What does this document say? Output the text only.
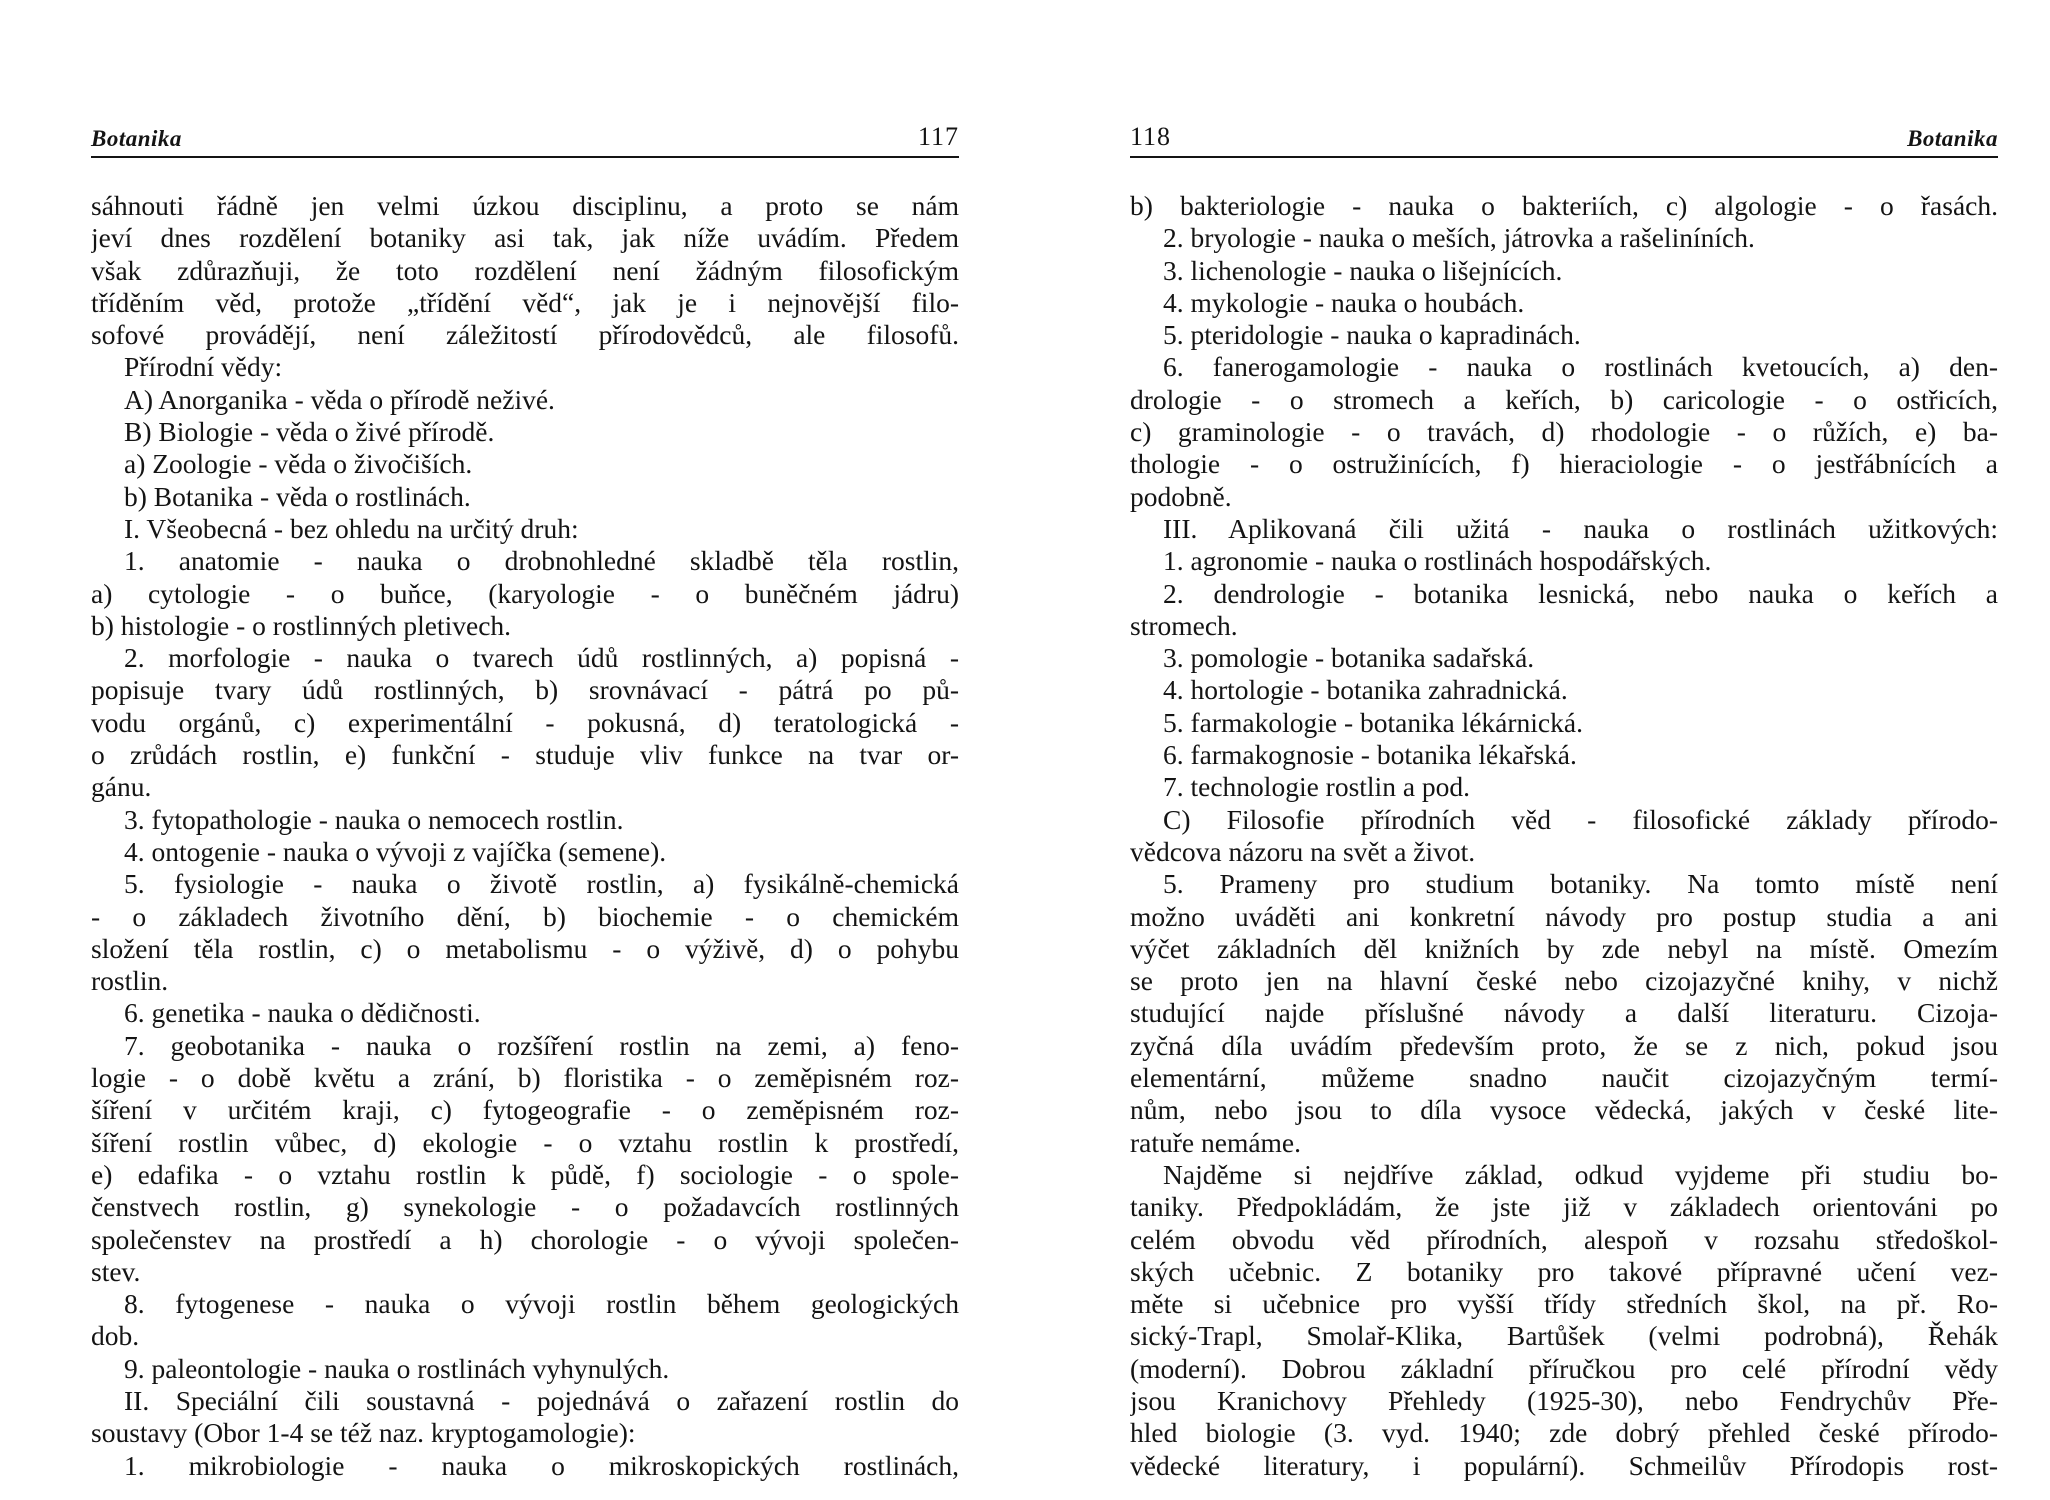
Botanika	117
sáhnouti řádně jen velmi úzkou disciplinu, a proto se nám
jeví dnes rozdělení botaniky asi tak, jak níže uvádím. Předem
však zdůrazňuji, že toto rozdělení není žádným filosofickým
tříděním věd, protože „třídění věd“, jak je i nejnovější filo-
sofové provádějí, není záležitostí přírodovědců, ale filosofů.
Přírodní vědy:
A) Anorganika - věda o přírodě neživé.
B) Biologie - věda o živé přírodě.
a) Zoologie - věda o živočiších.
b) Botanika - věda o rostlinách.
I. Všeobecná - bez ohledu na určitý druh:
1. anatomie - nauka o drobnohledné skladbě těla rostlin,
a) cytologie - o buňce, (karyologie - o buněčném jádru)
b) histologie - o rostlinných pletivech.
2. morfologie - nauka o tvarech údů rostlinných, a) popisná -
popisuje tvary údů rostlinných, b) srovnávací - pátrá po pů-
vodu orgánů, c) experimentální - pokusná, d) teratologická -
o zrůdách rostlin, e) funkční - studuje vliv funkce na tvar or-
gánu.
3. fytopathologie - nauka o nemocech rostlin.
4. ontogenie - nauka o vývoji z vajíčka (semene).
5. fysiologie - nauka o životě rostlin, a) fysikálně-chemická
- o základech životního dění, b) biochemie - o chemickém
složení těla rostlin, c) o metabolismu - o výživě, d) o pohybu
rostlin.
6. genetika - nauka o dědičnosti.
7. geobotanika - nauka o rozšíření rostlin na zemi, a) feno-
logie - o době květu a zrání, b) floristika - o zeměpisném roz-
šíření v určitém kraji, c) fytogeografie - o zeměpisném roz-
šíření rostlin vůbec, d) ekologie - o vztahu rostlin k prostředí,
e) edafika - o vztahu rostlin k půdě, f) sociologie - o spole-
čenstvech rostlin, g) synekologie - o požadavcích rostlinných
společenstev na prostředí a h) chorologie - o vývoji společen-
stev.
8. fytogenese - nauka o vývoji rostlin během geologických
dob.
9. paleontologie - nauka o rostlinách vyhynulých.
II. Speciální čili soustavná - pojednává o zařazení rostlin do
soustavy (Obor 1-4 se též naz. kryptogamologie):
1. mikrobiologie - nauka o mikroskopických rostlinách,
118	Botanika
b) bakteriologie - nauka o bakteriích, c) algologie - o řasách.
2. bryologie - nauka o meších, játrovka a rašeliníních.
3. lichenologie - nauka o lišejnících.
4. mykologie - nauka o houbách.
5. pteridologie - nauka o kapradinách.
6. fanerogamologie - nauka o rostlinách kvetoucích, a) den-
drologie - o stromech a keřích, b) caricologie - o ostřicích,
c) graminologie - o travách, d) rhodologie - o růžích, e) ba-
thologie - o ostružinících, f) hieraciologie - o jestřábnících a
podobně.
III. Aplikovaná čili užitá - nauka o rostlinách užitkových:
1. agronomie - nauka o rostlinách hospodářských.
2. dendrologie - botanika lesnická, nebo nauka o keřích a
stromech.
3. pomologie - botanika sadařská.
4. hortologie - botanika zahradnická.
5. farmakologie - botanika lékárnická.
6. farmakognosie - botanika lékařská.
7. technologie rostlin a pod.
C) Filosofie přírodních věd - filosofické základy přírodo-
vědcova názoru na svět a život.
5. Prameny pro studium botaniky. Na tomto místě není
možno uváděti ani konkretní návody pro postup studia a ani
výčet základních děl knižních by zde nebyl na místě. Omezím
se proto jen na hlavní české nebo cizojazyčné knihy, v nichž
studující najde příslušné návody a další literaturu. Cizoja-
zyčná díla uvádím především proto, že se z nich, pokud jsou
elementární, můžeme snadno naučit cizojazyčným termí-
nům, nebo jsou to díla vysoce vědecká, jakých v české lite-
ratuře nemáme.
Najděme si nejdříve základ, odkud vyjdeme při studiu bo-
taniky. Předpokládám, že jste již v základech orientováni po
celém obvodu věd přírodních, alespoň v rozsahu středoškol-
ských učebnic. Z botaniky pro takové přípravné učení vez-
měte si učebnice pro vyšší třídy středních škol, na př. Ro-
sický-Trapl, Smolař-Klika, Bartůšek (velmi podrobná), Řehák
(moderní). Dobrou základní příručkou pro celé přírodní vědy
jsou Kranichovy Přehledy (1925-30), nebo Fendrychův Pře-
hled biologie (3. vyd. 1940; zde dobrý přehled české přírodo-
vědecké literatury, i populární). Schmeilův Přírodopis rost-
